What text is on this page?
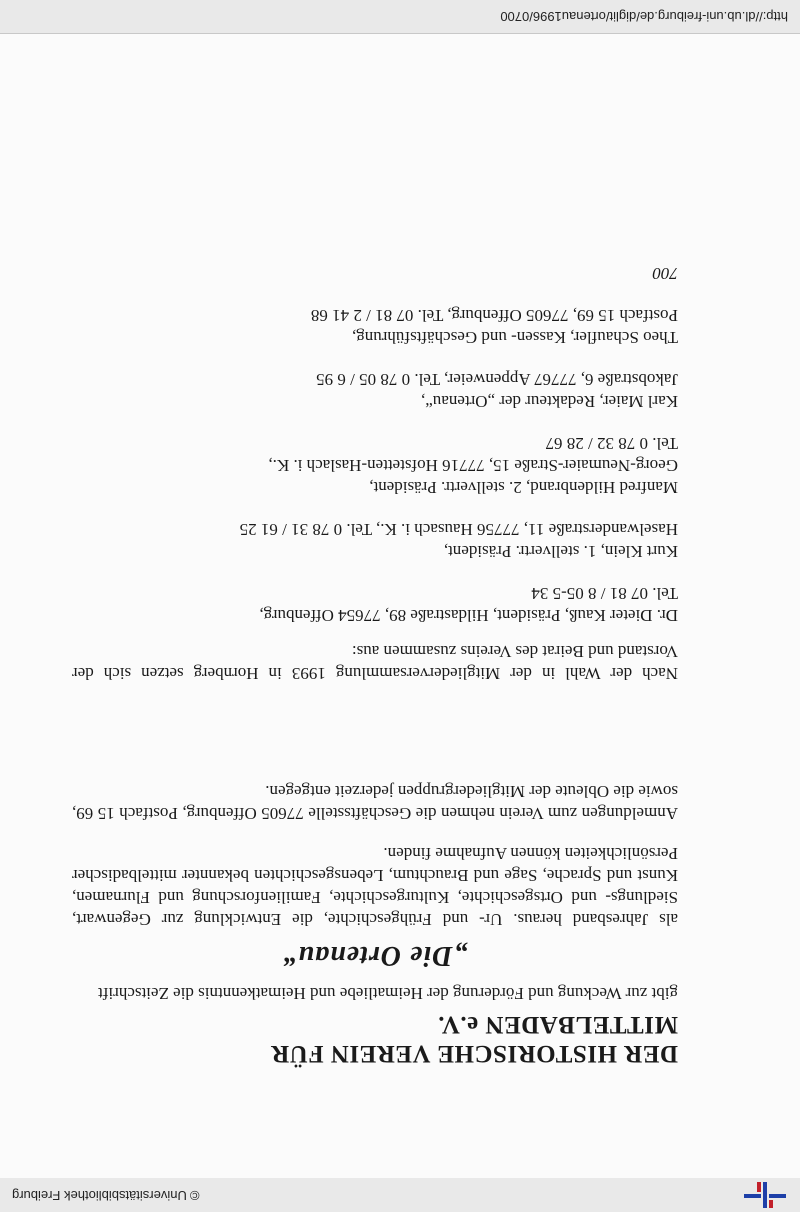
©Universitätsbibliothek Freiburg
DER HISTORISCHE VEREIN FÜR
MITTELBADEN e.V.

gibt zur Weckung und Förderung der Heimatliebe und Heimatkenntnis die Zeitschrift

„Die Ortenau“

als Jahresband heraus. Ur- und Frühgeschichte, die Entwicklung zur Gegenwart, Siedlungs- und Ortsgeschichte, Kulturgeschichte, Familienforschung und Flurnamen, Kunst und Sprache, Sage und Brauchtum, Lebensgeschichten bekannter mittelbadischer Persönlichkeiten können Aufnahme finden.

Anmeldungen zum Verein nehmen die Geschäftsstelle 77605 Offenburg, Postfach 15 69, sowie die Obleute der Mitgliedergruppen jederzeit entgegen.

Nach der Wahl in der Mitgliederversammlung 1993 in Hornberg setzen sich der Vorstand und Beirat des Vereins zusammen aus:

Dr. Dieter Kauß, Präsident, Hildastraße 89, 77654 Offenburg,
Tel. 07 81 / 8 05-5 34
Kurt Klein, 1. stellvertr. Präsident,
Haselwanderstraße 11, 77756 Hausach i. K., Tel. 0 78 31 / 61 25
Manfred Hildenbrand, 2. stellvertr. Präsident,
Georg-Neumaier-Straße 15, 77716 Hofstetten-Haslach i. K.,
Tel. 0 78 32 / 28 67
Karl Maier, Redakteur der „Ortenau“,
Jakobstraße 6, 77767 Appenweier, Tel. 0 78 05 / 6 95
Theo Schaufler, Kassen- und Geschäftsführung,
Postfach 15 69, 77605 Offenburg, Tel. 07 81 / 2 41 68
700
http://dl.ub.uni-freiburg.de/diglit/ortenau1996/0700
